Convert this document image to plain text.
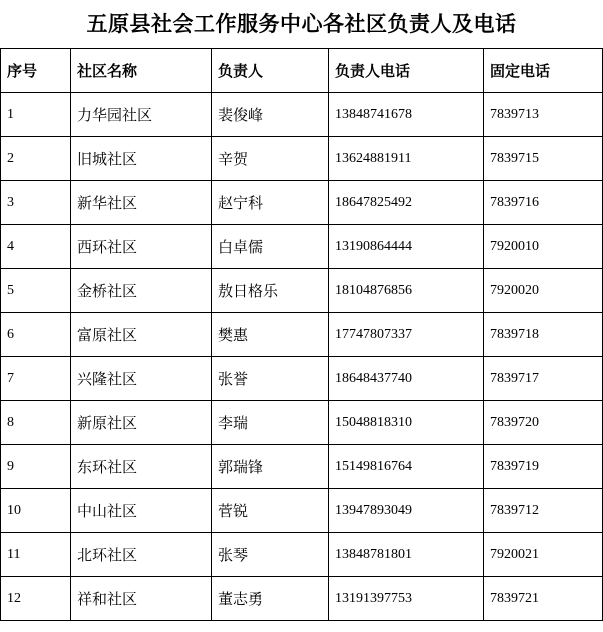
五原县社会工作服务中心各社区负责人及电话
序号	社区名称	负责人	负责人电话	固定电话
1	力华园社区	裴俊峰	13848741678	7839713
2	旧城社区	辛贺	13624881911	7839715
3	新华社区	赵宁科	18647825492	7839716
4	西环社区	白卓儒	13190864444	7920010
5	金桥社区	敖日格乐	18104876856	7920020
6	富原社区	樊惠	17747807337	7839718
7	兴隆社区	张誉	18648437740	7839717
8	新原社区	李瑞	15048818310	7839720
9	东环社区	郭瑞锋	15149816764	7839719
10	中山社区	菅锐	13947893049	7839712
11	北环社区	张琴	13848781801	7920021
12	祥和社区	董志勇	13191397753	7839721
